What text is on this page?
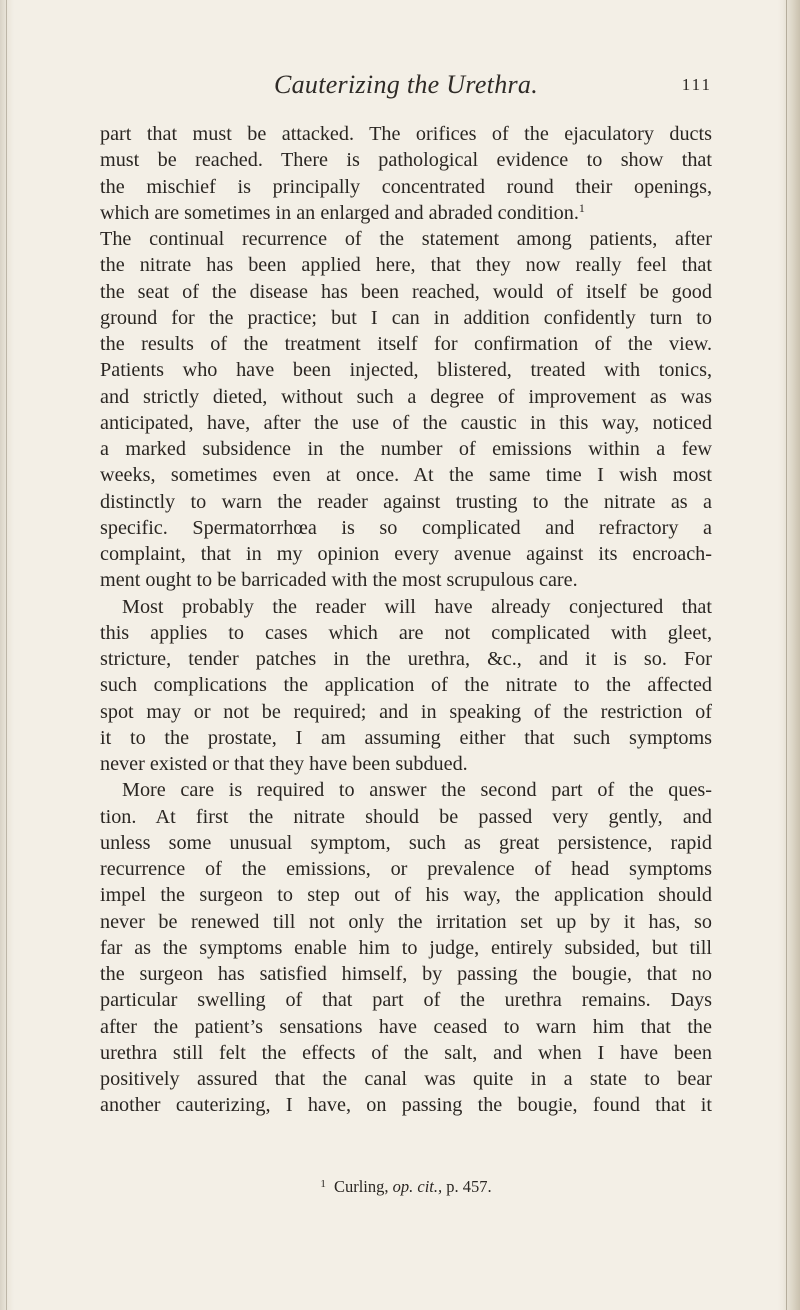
Cauterizing the Urethra.	111
part that must be attacked. The orifices of the ejaculatory ducts
must be reached. There is pathological evidence to show that
the mischief is principally concentrated round their openings,
which are sometimes in an enlarged and abraded condition.$^1$
The continual recurrence of the statement among patients, after
the nitrate has been applied here, that they now really feel that
the seat of the disease has been reached, would of itself be good
ground for the practice; but I can in addition confidently turn to
the results of the treatment itself for confirmation of the view.
Patients who have been injected, blistered, treated with tonics,
and strictly dieted, without such a degree of improvement as was
anticipated, have, after the use of the caustic in this way, noticed
a marked subsidence in the number of emissions within a few
weeks, sometimes even at once. At the same time I wish most
distinctly to warn the reader against trusting to the nitrate as a
specific. Spermatorrhœa is so complicated and refractory a
complaint, that in my opinion every avenue against its encroach-
ment ought to be barricaded with the most scrupulous care.
Most probably the reader will have already conjectured that
this applies to cases which are not complicated with gleet,
stricture, tender patches in the urethra, &c., and it is so. For
such complications the application of the nitrate to the affected
spot may or not be required; and in speaking of the restriction of
it to the prostate, I am assuming either that such symptoms
never existed or that they have been subdued.
More care is required to answer the second part of the ques-
tion. At first the nitrate should be passed very gently, and
unless some unusual symptom, such as great persistence, rapid
recurrence of the emissions, or prevalence of head symptoms
impel the surgeon to step out of his way, the application should
never be renewed till not only the irritation set up by it has, so
far as the symptoms enable him to judge, entirely subsided, but till
the surgeon has satisfied himself, by passing the bougie, that no
particular swelling of that part of the urethra remains. Days
after the patient’s sensations have ceased to warn him that the
urethra still felt the effects of the salt, and when I have been
positively assured that the canal was quite in a state to bear
another cauterizing, I have, on passing the bougie, found that it
$^1$ Curling, op. cit., p. 457.
